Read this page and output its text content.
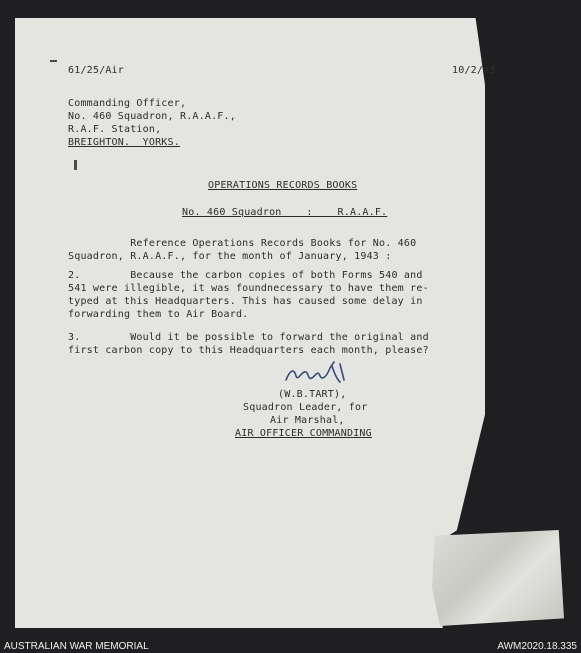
61/25/Air	10/2/43
Commanding Officer,
No. 460 Squadron, R.A.A.F.,
R.A.F. Station,
BREIGHTON.  YORKS.
OPERATIONS RECORDS BOOKS
No. 460 Squadron    :    R.A.A.F.
Reference Operations Records Books for No. 460
Squadron, R.A.A.F., for the month of January, 1943 :
2.        Because the carbon copies of both Forms 540 and
541 were illegible, it was foundnecessary to have them re-
typed at this Headquarters. This has caused some delay in
forwarding them to Air Board.
3.        Would it be possible to forward the original and
first carbon copy to this Headquarters each month, please?
(W.B.TART),
Squadron Leader, for
Air Marshal,
AIR OFFICER COMMANDING
AUSTRALIAN WAR MEMORIAL	AWM2020.18.335
